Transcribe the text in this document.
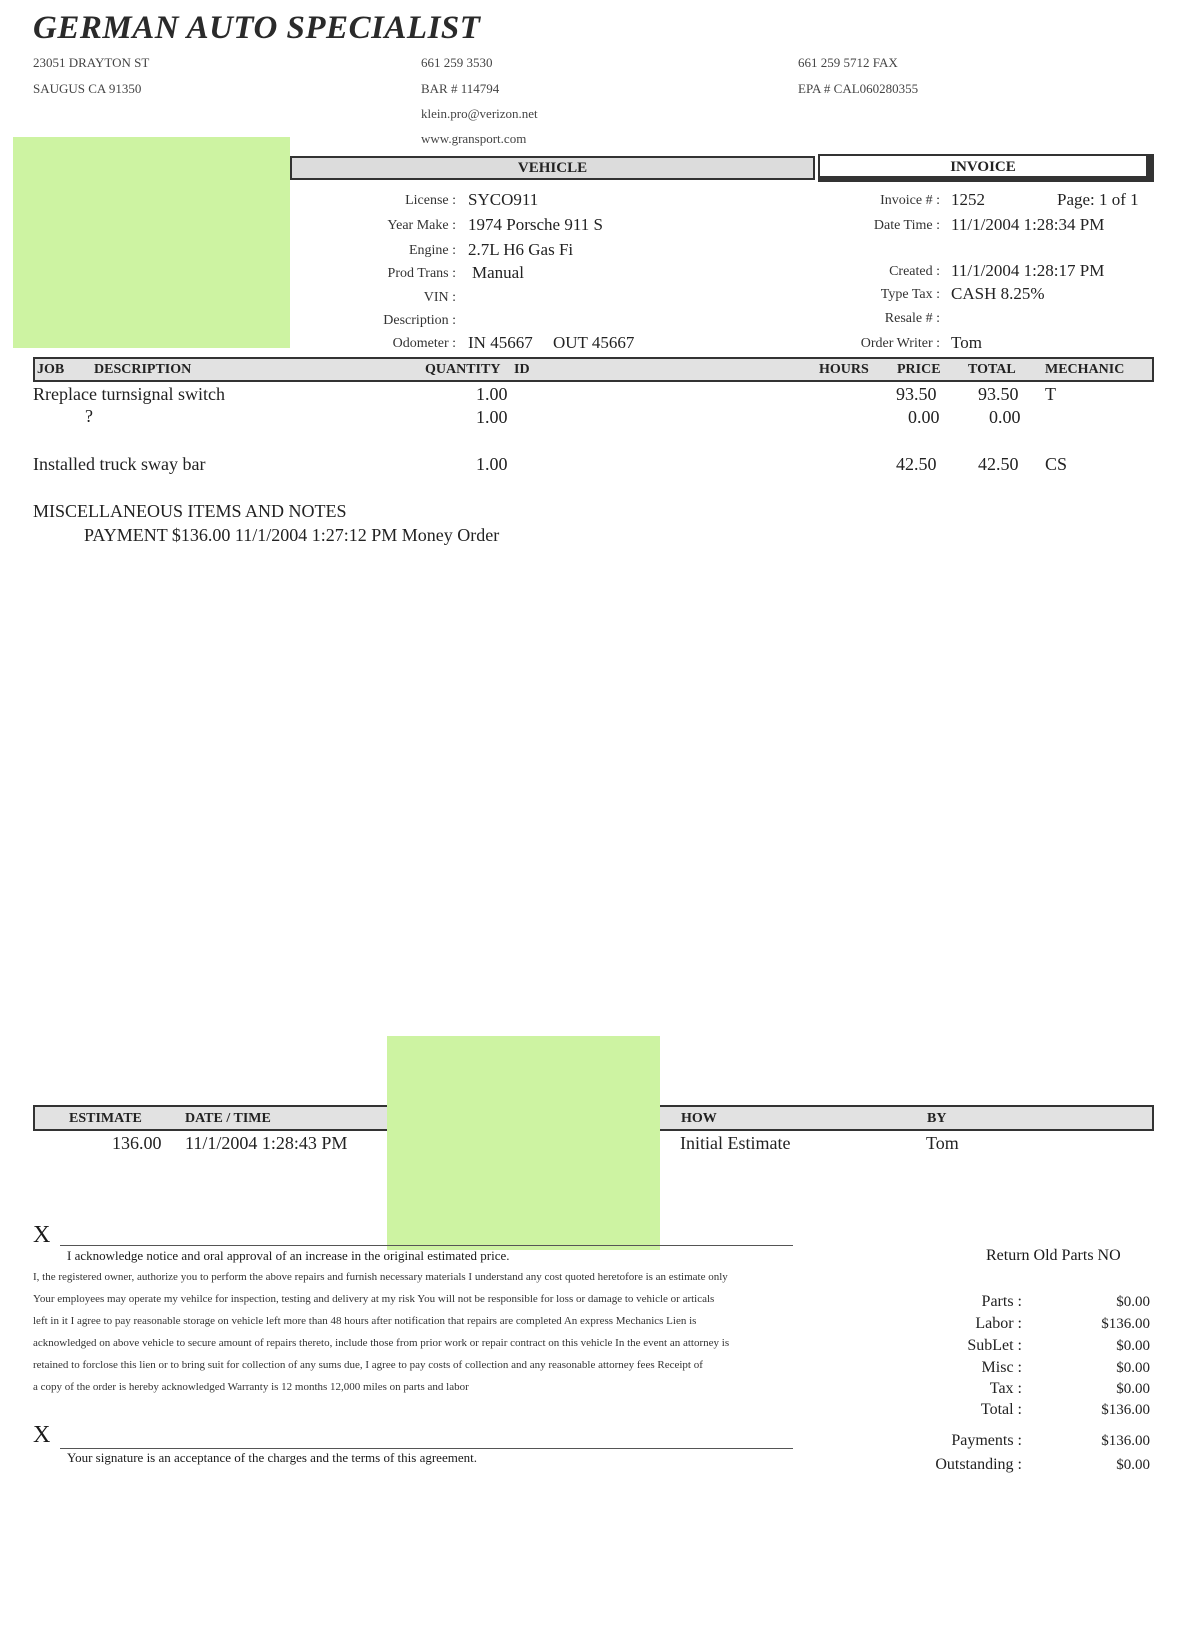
GERMAN AUTO SPECIALIST
23051 DRAYTON ST
SAUGUS CA 91350
661 259 3530
BAR # 114794
klein.pro@verizon.net
www.gransport.com
661 259 5712 FAX
EPA # CAL060280355
VEHICLE	INVOICE
License : SYCO911
Year Make : 1974 Porsche 911 S
Engine : 2.7L H6 Gas Fi
Prod Trans : Manual
VIN :
Description :
Odometer : IN 45667 OUT 45667
Invoice # : 1252	Page: 1 of 1
Date Time : 11/1/2004 1:28:34 PM
Created : 11/1/2004 1:28:17 PM
Type Tax : CASH 8.25%
Resale # :
Order Writer : Tom
JOB DESCRIPTION	QUANTITY ID	HOURS PRICE TOTAL MECHANIC
Rreplace turnsignal switch	1.00	93.50 93.50 T
?	1.00	0.00	0.00
Installed truck sway bar	1.00	42.50 42.50 CS
MISCELLANEOUS ITEMS AND NOTES
PAYMENT $136.00 11/1/2004 1:27:12 PM Money Order
ESTIMATE	DATE / TIME	HOW	BY
136.00 11/1/2004 1:28:43 PM	Initial Estimate	Tom
X
I acknowledge notice and oral approval of an increase in the original estimated price.
I, the registered owner, authorize you to perform the above repairs and furnish necessary materials I understand any cost quoted heretofore is an estimate only
Your employees may operate my vehilce for inspection, testing and delivery at my risk You will not be responsible for loss or damage to vehicle or articals
left in it I agree to pay reasonable storage on vehicle left more than 48 hours after notification that repairs are completed An express Mechanics Lien is
acknowledged on above vehicle to secure amount of repairs thereto, include those from prior work or repair contract on this vehicle In the event an attorney is
retained to forclose this lien or to bring suit for collection of any sums due, I agree to pay costs of collection and any reasonable attorney fees Receipt of
a copy of the order is hereby acknowledged Warranty is 12 months 12,000 miles on parts and labor
X
Your signature is an acceptance of the charges and the terms of this agreement.
Return Old Parts NO
Parts :	$0.00
Labor :	$136.00
SubLet :	$0.00
Misc :	$0.00
Tax :	$0.00
Total :	$136.00
Payments :	$136.00
Outstanding :	$0.00
